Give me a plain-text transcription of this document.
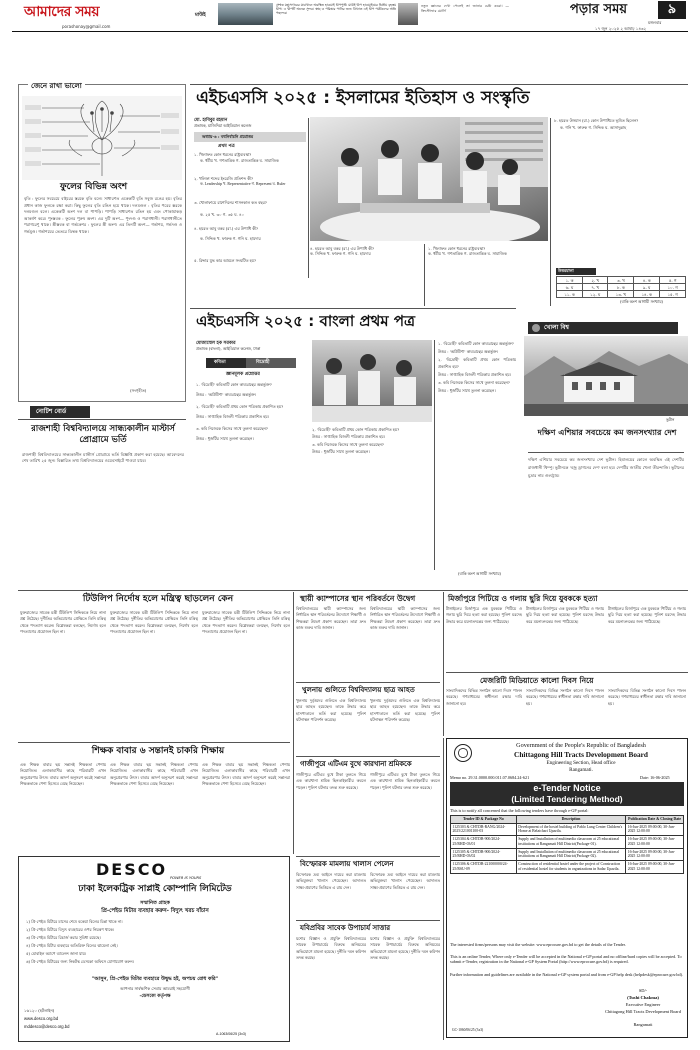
আমাদের সময়
porashonay@gmail.com
মাউই
প্রশান্ত মহাসাগরের মাঝখানে অবস্থিত হাওয়াই দ্বীপপুঞ্জ। মাউই দ্বীপ হাওয়াইয়ের দ্বিতীয় বৃহত্তম দ্বীপ। এ দ্বীপটি অনেক সুন্দর। স্বচ্ছ ও পরিষ্কার পানির জন্য বিখ্যাত এই দ্বীপ পর্যটকদের অতি পছন্দের।
নতুন জ্ঞানের দেখা পেলেই তা জানার চেষ্টা করো। — ক্রিস্টোফার মোর্লি	পড়ার সময়	৯
মঙ্গলবার
১৭ জুন ২০২৫ ২ আষাঢ় ১৪৩২
জেনে রাখা ভালো
ফুলের বিভিন্ন অংশ
বৃতি : ফুলের সবচেয়ে বাইরের স্তরকে বৃতি বলে। সাধারণত একেকটি বৃতি সবুজ রঙের হয়। বৃতির প্রধান কাজ ফুলকে রক্ষা করা। কিছু ফুলের বৃতি রঙিন হয়ে থাকে। দলমণ্ডল : বৃতির পরের স্তরকে দলমণ্ডল বলে। একেকটি অংশ দল বা পাপড়ি। পাপড়ি সাধারণত রঙিন হয় এবং পোকামাকড় আকর্ষণ করে। পুংস্তবক : ফুলের পুরুষ অংশ। এর দুটি অংশ— পুংদণ্ড ও পরাগধানী। পরাগধানীতে পরাগরেণু থাকে। স্ত্রীস্তবক বা গর্ভকেশর : ফুলের স্ত্রী অংশ। এর তিনটি অংশ— গর্ভাশয়, গর্ভদণ্ড ও গর্ভমুণ্ড। গর্ভাশয়ের ভেতরে ডিম্বক থাকে।
(সংগৃহীত)
নোটিশ বোর্ড
রাজশাহী বিশ্ববিদ্যালয়ে সান্ধ্যকালীন মাস্টার্স প্রোগ্রামে ভর্তি
রাজশাহী বিশ্ববিদ্যালয়ের সান্ধ্যকালীন মাস্টার্স প্রোগ্রামে ভর্তি বিজ্ঞপ্তি প্রকাশ করা হয়েছে। আবেদনের শেষ তারিখ ২৫ জুন। বিস্তারিত তথ্য বিশ্ববিদ্যালয়ের ওয়েবসাইটে পাওয়া যাবে।
এইচএসসি ২০২৫ : ইসলামের ইতিহাস ও সংস্কৃতি
মো. হাবিবুর রহমান
প্রভাষক, মাজিদিয়া আইডিয়াল কলেজ
অধ্যায়-৬ : বহুনির্বাচনি প্রশ্নোত্তর
প্রথম পত্র
১. খিলাফত কোন ধরনের রাষ্ট্রব্যবস্থা?
ক. ধর্মীয় খ. গণতান্ত্রিক গ. রাজতান্ত্রিক ঘ. সামাজিক
২. খলিফা শব্দের ইংরেজি প্রতিশব্দ কী?
ক. Leadership খ. Representative গ. Represent ঘ. Ruler
৩. খোলাফায়ে রাশেদিনের শাসনকাল কত বছর?
ক. ২৫ খ. ৩০ গ. ৩৫ ঘ. ৪০
৪. হযরত আবু বকর (রা.) এর উপাধি কী?
ক. সিদ্দিক খ. ফারুক গ. গনি ঘ. হায়দার
৫. রিদ্দার যুদ্ধ কার আমলে সংঘটিত হয়?
৪. হযরত আবু বকর (রা.) এর উপাধি কী?
ক. সিদ্দিক খ. ফারুক গ. গনি ঘ. হায়দার
১. খিলাফত কোন ধরনের রাষ্ট্রব্যবস্থা?
ক. ধর্মীয় খ. গণতান্ত্রিক গ. রাজতান্ত্রিক ঘ. সামাজিক
৮. হযরত উসমান (রা.) কোন উপাধিতে ভূষিত ছিলেন?
ক. গনি খ. ফারুক গ. সিদ্দিক ঘ. আসাদুল্লাহ
উত্তরমালা
১. ক	২. খ	৩. খ	৪. ক	৫. গ
৬. ঘ	৭. খ	৮. ক	৯. ঘ	১০. গ
১১. ক	১২. ঘ	১৩. খ	১৪. ক	১৫. গ
(বাকি অংশ আগামী সংখ্যায়)
এইচএসসি ২০২৫ : বাংলা প্রথম পত্র
মোজাম্মেল হক সরকার
প্রভাষক (বাংলা), আইডিয়াল কলেজ, ঢাকা
কবিতা	বিদ্রোহী
জ্ঞানমূলক প্রশ্নোত্তর
১. 'বিদ্রোহী' কবিতাটি কোন কাব্যগ্রন্থের অন্তর্ভুক্ত?
উত্তর : 'অগ্নিবীণা' কাব্যগ্রন্থের অন্তর্ভুক্ত।
২. 'বিদ্রোহী' কবিতাটি প্রথম কোন পত্রিকায় প্রকাশিত হয়?
উত্তর : সাপ্তাহিক বিজলী পত্রিকায় প্রকাশিত হয়।
৩. কবি নিজেকে কিসের সাথে তুলনা করেছেন?
উত্তর : ধূর্জটির সাথে তুলনা করেছেন।
১. 'বিদ্রোহী' কবিতাটি কোন কাব্যগ্রন্থের অন্তর্ভুক্ত?
উত্তর : 'অগ্নিবীণা' কাব্যগ্রন্থের অন্তর্ভুক্ত।
২. 'বিদ্রোহী' কবিতাটি প্রথম কোন পত্রিকায় প্রকাশিত হয়?
উত্তর : সাপ্তাহিক বিজলী পত্রিকায় প্রকাশিত হয়।
৩. কবি নিজেকে কিসের সাথে তুলনা করেছেন?
উত্তর : ধূর্জটির সাথে তুলনা করেছেন।
২. 'বিদ্রোহী' কবিতাটি প্রথম কোন পত্রিকায় প্রকাশিত হয়?
উত্তর : সাপ্তাহিক বিজলী পত্রিকায় প্রকাশিত হয়।
৩. কবি নিজেকে কিসের সাথে তুলনা করেছেন?
উত্তর : ধূর্জটির সাথে তুলনা করেছেন।
(বাকি অংশ আগামী সংখ্যায়)
খোলা বিশ্ব
ভুটান
দক্ষিণ এশিয়ার সবচেয়ে কম জনসংখ্যার দেশ
দক্ষিণ এশিয়ার সবচেয়ে কম জনসংখ্যার দেশ ভুটান। হিমালয়ের কোলে অবস্থিত এই দেশটির রাজধানী থিম্পু। ভুটানকে 'বজ্র ড্রাগনের দেশ' বলা হয়। দেশটির জাতীয় খেলা তীরন্দাজি। ভুটানের মুদ্রার নাম গুলট্রাম।
টিউলিপ নির্দোষ হলে মন্ত্রিত্ব ছাড়লেন কেন
যুক্তরাজ্যের সাবেক মন্ত্রী টিউলিপ সিদ্দিককে নিয়ে নানা প্রশ্ন উঠেছে। দুর্নীতির অভিযোগের প্রেক্ষিতে তিনি মন্ত্রিত্ব থেকে পদত্যাগ করেন। বিশ্লেষকরা বলছেন, নির্দোষ হলে পদত্যাগের প্রয়োজন ছিল না।
যুক্তরাজ্যের সাবেক মন্ত্রী টিউলিপ সিদ্দিককে নিয়ে নানা প্রশ্ন উঠেছে। দুর্নীতির অভিযোগের প্রেক্ষিতে তিনি মন্ত্রিত্ব থেকে পদত্যাগ করেন। বিশ্লেষকরা বলছেন, নির্দোষ হলে পদত্যাগের প্রয়োজন ছিল না।
যুক্তরাজ্যের সাবেক মন্ত্রী টিউলিপ সিদ্দিককে নিয়ে নানা প্রশ্ন উঠেছে। দুর্নীতির অভিযোগের প্রেক্ষিতে তিনি মন্ত্রিত্ব থেকে পদত্যাগ করেন। বিশ্লেষকরা বলছেন, নির্দোষ হলে পদত্যাগের প্রয়োজন ছিল না।
শিক্ষক বাবার ৬ সন্তানই চাকরি শিক্ষায়
এক শিক্ষক বাবার ছয় সন্তানই শিক্ষকতা পেশায় নিয়োজিত। এলাকাবাসীর কাছে পরিবারটি এখন অনুপ্রেরণার উৎস। বাবার আদর্শ অনুসরণ করেই সন্তানরা শিক্ষকতাকে পেশা হিসেবে বেছে নিয়েছেন।
এক শিক্ষক বাবার ছয় সন্তানই শিক্ষকতা পেশায় নিয়োজিত। এলাকাবাসীর কাছে পরিবারটি এখন অনুপ্রেরণার উৎস। বাবার আদর্শ অনুসরণ করেই সন্তানরা শিক্ষকতাকে পেশা হিসেবে বেছে নিয়েছেন।
এক শিক্ষক বাবার ছয় সন্তানই শিক্ষকতা পেশায় নিয়োজিত। এলাকাবাসীর কাছে পরিবারটি এখন অনুপ্রেরণার উৎস। বাবার আদর্শ অনুসরণ করেই সন্তানরা শিক্ষকতাকে পেশা হিসেবে বেছে নিয়েছেন।
স্থায়ী ক্যাম্পাসের স্থান পরিবর্তনে উদ্বেগ
বিশ্ববিদ্যালয়ের স্থায়ী ক্যাম্পাসের জন্য নির্ধারিত স্থান পরিবর্তনের উদ্যোগে শিক্ষার্থী ও শিক্ষকরা উদ্বেগ প্রকাশ করেছেন। তারা দ্রুত কাজ শুরুর দাবি জানান।
বিশ্ববিদ্যালয়ের স্থায়ী ক্যাম্পাসের জন্য নির্ধারিত স্থান পরিবর্তনের উদ্যোগে শিক্ষার্থী ও শিক্ষকরা উদ্বেগ প্রকাশ করেছেন। তারা দ্রুত কাজ শুরুর দাবি জানান।
খুলনায় গুলিতে বিশ্ববিদ্যালয় ছাত্র আহত
খুলনায় দুর্বৃত্তদের গুলিতে এক বিশ্ববিদ্যালয় ছাত্র আহত হয়েছেন। তাকে উদ্ধার করে হাসপাতালে ভর্তি করা হয়েছে। পুলিশ ঘটনাস্থল পরিদর্শন করেছে।
খুলনায় দুর্বৃত্তদের গুলিতে এক বিশ্ববিদ্যালয় ছাত্র আহত হয়েছেন। তাকে উদ্ধার করে হাসপাতালে ভর্তি করা হয়েছে। পুলিশ ঘটনাস্থল পরিদর্শন করেছে।
গাজীপুরে এটিএম বুথে কারখানা শ্রমিককে
গাজীপুরে এটিএম বুথে টাকা তুলতে গিয়ে এক কারখানা শ্রমিক ছিনতাইকারীর কবলে পড়েন। পুলিশ ঘটনার তদন্ত শুরু করেছে।
গাজীপুরে এটিএম বুথে টাকা তুলতে গিয়ে এক কারখানা শ্রমিক ছিনতাইকারীর কবলে পড়েন। পুলিশ ঘটনার তদন্ত শুরু করেছে।
মির্জাপুরে পিটিয়ে ও গলায় ছুরি দিয়ে যুবককে হত্যা
টাঙ্গাইলের মির্জাপুরে এক যুবককে পিটিয়ে ও গলায় ছুরি দিয়ে হত্যা করা হয়েছে। পুলিশ মরদেহ উদ্ধার করে ময়নাতদন্তের জন্য পাঠিয়েছে।
টাঙ্গাইলের মির্জাপুরে এক যুবককে পিটিয়ে ও গলায় ছুরি দিয়ে হত্যা করা হয়েছে। পুলিশ মরদেহ উদ্ধার করে ময়নাতদন্তের জন্য পাঠিয়েছে।
টাঙ্গাইলের মির্জাপুরে এক যুবককে পিটিয়ে ও গলায় ছুরি দিয়ে হত্যা করা হয়েছে। পুলিশ মরদেহ উদ্ধার করে ময়নাতদন্তের জন্য পাঠিয়েছে।
মেজরিটি মিডিয়াতে কালো দিবস নিয়ে
সাংবাদিকদের বিভিন্ন সংগঠন কালো দিবস পালন করেছে। গণমাধ্যমের স্বাধীনতা রক্ষার দাবি জানানো হয়।
সাংবাদিকদের বিভিন্ন সংগঠন কালো দিবস পালন করেছে। গণমাধ্যমের স্বাধীনতা রক্ষার দাবি জানানো হয়।
সাংবাদিকদের বিভিন্ন সংগঠন কালো দিবস পালন করেছে। গণমাধ্যমের স্বাধীনতা রক্ষার দাবি জানানো হয়।
DESCO POWER IS YOURS
ঢাকা ইলেকট্রিক সাপ্লাই কোম্পানি লিমিটেড
সম্মানিত গ্রাহক
প্রি-পেইড মিটার ব্যবহার করুন- বিদ্যুৎ খরচ বাঁচান
১) প্রি-পেইড মিটারে মাসের শেষে বকেয়া বিলের চিন্তা থাকে না।
২) প্রি-পেইড মিটারে বিদ্যুৎ ব্যবহারের ওপর নিয়ন্ত্রণ থাকে।
৩) প্রি-পেইড মিটারে রিচার্জ করার সুবিধা রয়েছে।
৪) প্রি-পেইড মিটার ব্যবহারে অতিরিক্ত বিলের ঝামেলা নেই।
৫) মোবাইল অ্যাপে ব্যালেন্স জানা যায়।
৬) প্রি-পেইড মিটারের জন্য নিকটস্থ ডেসকো অফিসে যোগাযোগ করুন।
"আসুন, প্রি-পেইড মিটার ব্যবহারে উদ্বুদ্ধ হই, অপচয় রোধ করি"
আপনার সার্বক্ষণিক সেবায় আমরাই সহযোগী
-ডেসকো কর্তৃপক্ষ
১৬১২০ (হটলাইন)
www.desco.org.bd
mddesco@desco.org.bd
A-1063/06/25 (3x3)
বিস্ফোরক মামলায় খালাস পেলেন
বিস্ফোরক দ্রব্য আইনে দায়ের করা মামলায় অভিযুক্তরা খালাস পেয়েছেন। আদালত সাক্ষ্য-প্রমাণের ভিত্তিতে এ রায় দেন।
বিস্ফোরক দ্রব্য আইনে দায়ের করা মামলায় অভিযুক্তরা খালাস পেয়েছেন। আদালত সাক্ষ্য-প্রমাণের ভিত্তিতে এ রায় দেন।
যবিপ্রবির সাবেক উপাচার্য সাত্তার
যশোর বিজ্ঞান ও প্রযুক্তি বিশ্ববিদ্যালয়ের সাবেক উপাচার্যের বিরুদ্ধে অনিয়মের অভিযোগে মামলা হয়েছে। দুর্নীতি দমন কমিশন তদন্ত করছে।
যশোর বিজ্ঞান ও প্রযুক্তি বিশ্ববিদ্যালয়ের সাবেক উপাচার্যের বিরুদ্ধে অনিয়মের অভিযোগে মামলা হয়েছে। দুর্নীতি দমন কমিশন তদন্ত করছে।
Government of the People's Republic of Bangladesh
Chittagong Hill Tracts Development Board
Engineering Section, Head office
Rangamati.
Memo no. 29.31.0000.000.011.07.0684.24-621	Date: 16-06-2025
e-Tender Notice
(Limited Tendering Method)
This is to notify all concerned that the following tenders have through e-GP portal:
Tender ID & Package No	Description	Publication Date & Closing Date
1125303 & CHTDB-RANG/2024-2025/221001100-03	Development of the hostel building of Pablo Lung Center Children's Home at Belaichari Upazila.	16-Jun-2025 09:00:00, 30-Jun-2025 12:00:00
1125304 & CHTDB-900/2024-25/RHD-03/01	Supply and Installation of multimedia classroom at 25 educational institutions at Rangamati Hill District(Package-01).	16-Jun-2025 09:00:00, 30-Jun-2025 12:00:00
1125305 & CHTDB-900/2024-25/RHD-03/02	Supply and Installation of multimedia classroom at 25 educational institutions at Rangamati Hill District(Package-02).	16-Jun-2025 09:00:00, 30-Jun-2025 12:00:00
1125306 & CHTDB-221000000/24-25/RSU-09	Construction of residential hostel under the project of Construction of residential hostel for students in organizations in Sadar Upazila.	16-Jun-2025 09:00:00, 30-Jun-2025 12:00:00
The interested firms/persons may visit the website: www.eprocure.gov.bd to get the details of the Tender.
This is an online Tender, Where only e-Tender will be accepted in the National e-GP portal and no offline/hard copies will be accepted. To submit e-Tender, registration in the National e-GP System Portal (http://www.eprocure.gov.bd) is required.
Further information and guidelines are available in the National e-GP system portal and from e-GP help desk (helpdesk@eprocure.gov.bd).
SD/-
(Tushi Chakma)
Executive Engineer
Chittagong Hill Tracts Development Board
Rangamati
GC-1060/06/25 (3x3)
